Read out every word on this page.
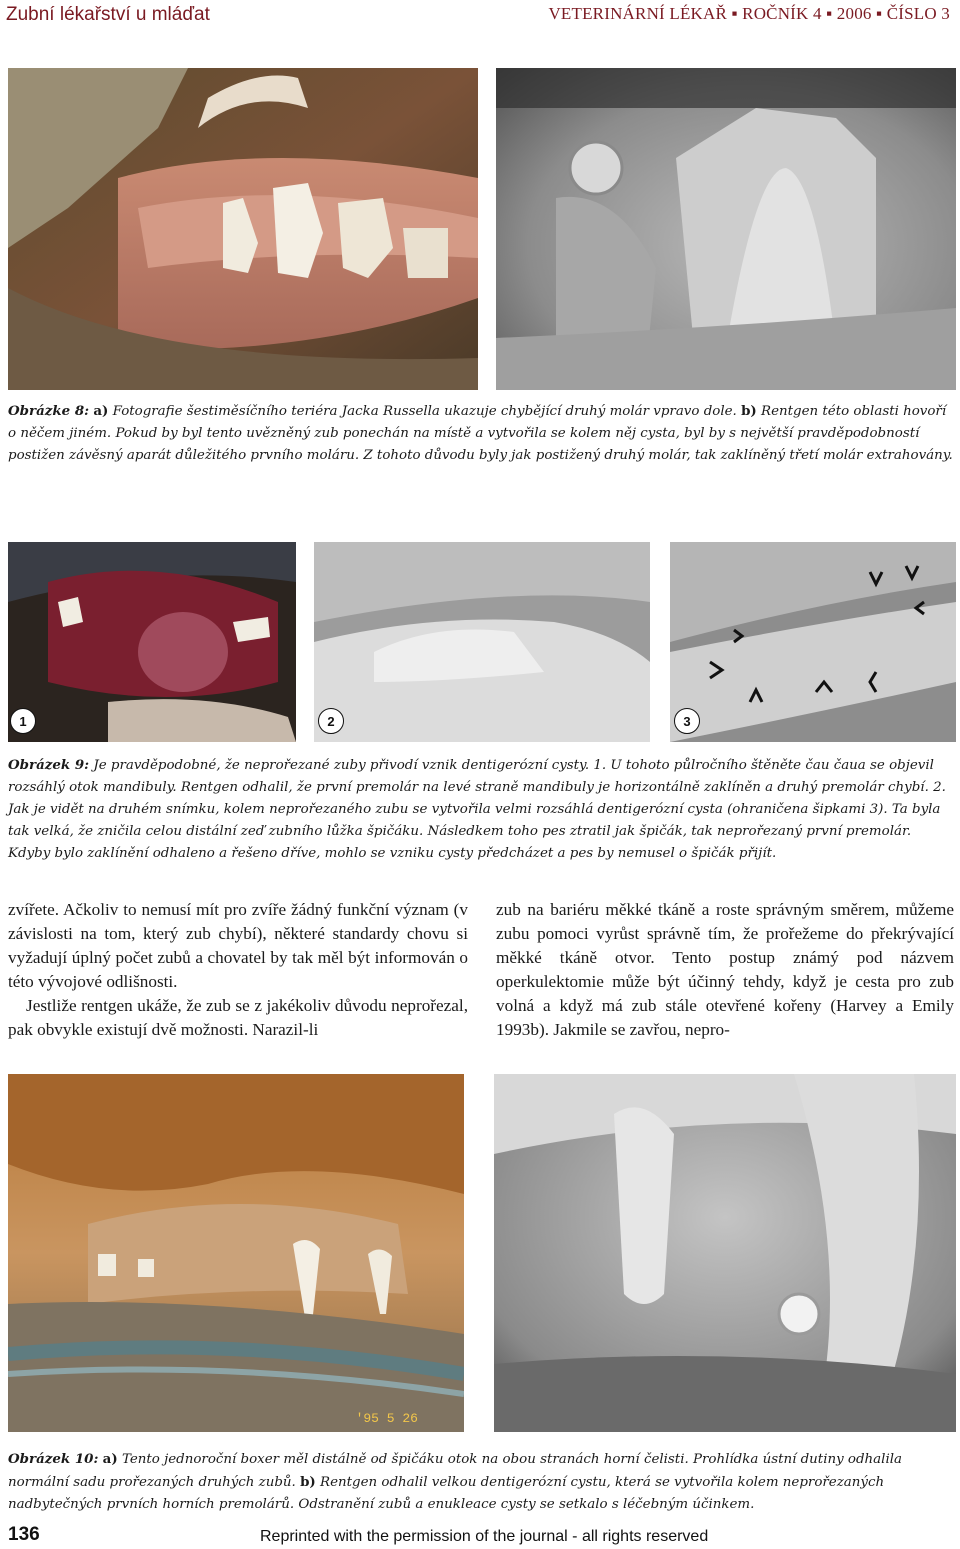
Zubní lékařství u mláďat	VETERINÁRNÍ LÉKAŘ ▪ ROČNÍK 4 ▪ 2006 ▪ ČÍSLO 3
Obrázke 8: a) Fotografie šestiměsíčního teriéra Jacka Russella ukazuje chybějící druhý molár vpravo dole. b) Rentgen této oblasti hovoří o něčem jiném. Pokud by byl tento uvězněný zub ponechán na místě a vytvořila se kolem něj cysta, byl by s největší pravděpodobností postižen závěsný aparát důležitého prvního moláru. Z tohoto důvodu byly jak postižený druhý molár, tak zaklíněný třetí molár extrahovány.
1	2	3
Obrázek 9: Je pravděpodobné, že neprořezané zuby přivodí vznik dentigerózní cysty. 1. U tohoto půlročního štěněte čau čaua se objevil rozsáhlý otok mandibuly. Rentgen odhalil, že první premolár na levé straně mandibuly je horizontálně zaklíněn a druhý premolár chybí. 2. Jak je vidět na druhém snímku, kolem neprořezaného zubu se vytvořila velmi rozsáhlá dentigerózní cysta (ohraničena šipkami 3). Ta byla tak velká, že zničila celou distální zeď zubního lůžka špičáku. Následkem toho pes ztratil jak špičák, tak neprořezaný první premolár. Kdyby bylo zaklínění odhaleno a řešeno dříve, mohlo se vzniku cysty předcházet a pes by nemusel o špičák přijít.

zvířete. Ačkoliv to nemusí mít pro zvíře žádný funkční význam (v závislosti na tom, který zub chybí), některé standardy chovu si vyžadují úplný počet zubů a chovatel by tak měl být informován o této vývojové odlišnosti.

Jestliže rentgen ukáže, že zub se z jakékoliv důvodu neprořezal, pak obvykle existují dvě možnosti. Narazil-li

zub na bariéru měkké tkáně a roste správným směrem, můžeme zubu pomoci vyrůst správně tím, že prořežeme do překrývající měkké tkáně otvor. Tento postup známý pod názvem operkulektomie může být účinný tehdy, když je cesta pro zub volná a když má zub stále otevřené kořeny (Harvey a Emily 1993b). Jakmile se zavřou, nepro-

'95 5 26
Obrázek 10: a) Tento jednoroční boxer měl distálně od špičáku otok na obou stranách horní čelisti. Prohlídka ústní dutiny odhalila normální sadu prořezaných druhých zubů. b) Rentgen odhalil velkou dentigerózní cystu, která se vytvořila kolem neprořezaných nadbytečných prvních horních premolárů. Odstranění zubů a enukleace cysty se setkalo s léčebným účinkem.
136	Reprinted with the permission of the journal - all rights reserved
